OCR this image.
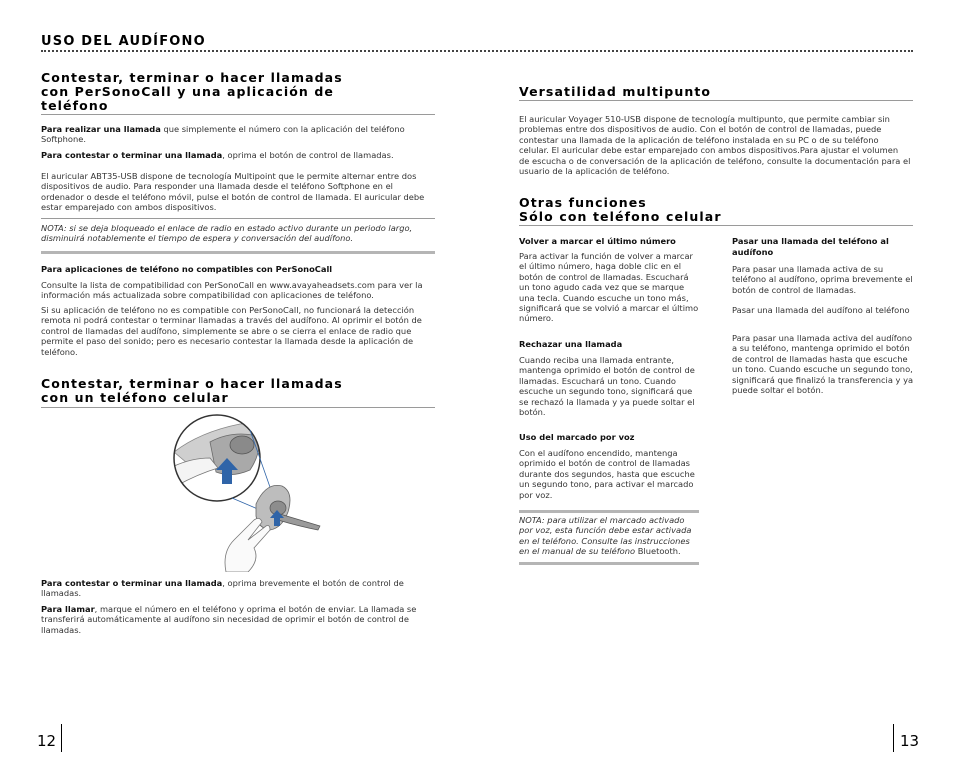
USO DEL AUDÍFONO
Contestar, terminar o hacer llamadas
con PerSonoCall y una aplicación de
teléfono

Para realizar una llamada que simplemente el número con la aplicación del teléfono Softphone.

Para contestar o terminar una llamada, oprima el botón de control de llamadas.

El auricular ABT35-USB dispone de tecnología Multipoint que le permite alternar entre dos dispositivos de audio. Para responder una llamada desde el teléfono Softphone en el ordenador o desde el teléfono móvil, pulse el botón de control de llamada. El auricular debe estar emparejado con ambos dispositivos.

NOTA: si se deja bloqueado el enlace de radio en estado activo durante un periodo largo, disminuirá notablemente el tiempo de espera y conversación del audífono.

Para aplicaciones de teléfono no compatibles con PerSonoCall

Consulte la lista de compatibilidad con PerSonoCall en www.avayaheadsets.com para ver la información más actualizada sobre compatibilidad con aplicaciones de teléfono.

Si su aplicación de teléfono no es compatible con PerSonoCall, no funcionará la detección remota ni podrá contestar o terminar llamadas a través del audífono. Al oprimir el botón de control de llamadas del audífono, simplemente se abre o se cierra el enlace de radio que permite el paso del sonido; pero es necesario contestar la llamada desde la aplicación de teléfono.

Contestar, terminar o hacer llamadas
con un teléfono celular

Para contestar o terminar una llamada, oprima brevemente el botón de control de llamadas.

Para llamar, marque el número en el teléfono y oprima el botón de enviar. La llamada se transferirá automáticamente al audífono sin necesidad de oprimir el botón de control de llamadas.

12
Versatilidad multipunto

El auricular Voyager 510-USB dispone de tecnología multipunto, que permite cambiar sin problemas entre dos dispositivos de audio. Con el botón de control de llamadas, puede contestar una llamada de la aplicación de teléfono instalada en su PC o de su teléfono celular. El auricular debe estar emparejado con ambos dispositivos.Para ajustar el volumen de escucha o de conversación de la aplicación de teléfono, consulte la documentación para el usuario de la aplicación de teléfono.

Otras funciones
Sólo con teléfono celular

Volver a marcar el último número

Para activar la función de volver a marcar el último número, haga doble clic en el botón de control de llamadas. Escuchará un tono agudo cada vez que se marque una tecla. Cuando escuche un tono más, significará que se volvió a marcar el último número.

Rechazar una llamada

Cuando reciba una llamada entrante, mantenga oprimido el botón de control de llamadas. Escuchará un tono. Cuando escuche un segundo tono, significará que se rechazó la llamada y ya puede soltar el botón.

Uso del marcado por voz

Con el audífono encendido, mantenga oprimido el botón de control de llamadas durante dos segundos, hasta que escuche un segundo tono, para activar el marcado por voz.

NOTA: para utilizar el marcado activado por voz, esta función debe estar activada en el teléfono. Consulte las instrucciones en el manual de su teléfono Bluetooth.

Pasar una llamada del teléfono al audífono

Para pasar una llamada activa de su teléfono al audífono, oprima brevemente el botón de control de llamadas.

Pasar una llamada del audífono al teléfono

Para pasar una llamada activa del audífono a su teléfono, mantenga oprimido el botón de control de llamadas hasta que escuche un tono. Cuando escuche un segundo tono, significará que finalizó la transferencia y ya puede soltar el botón.

13
